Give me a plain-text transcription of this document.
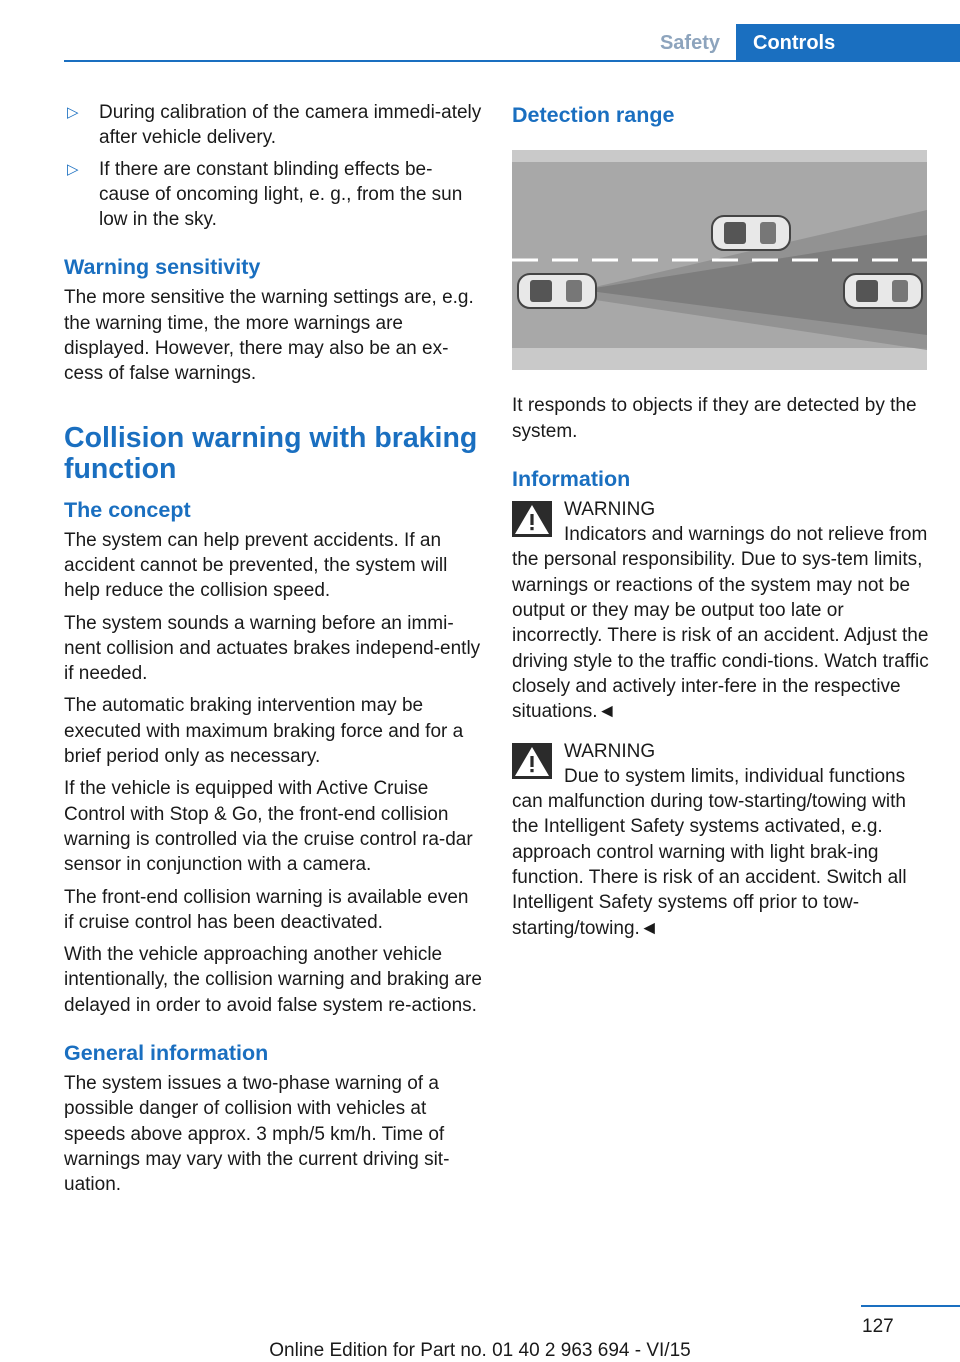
Safety	Controls
▷ During calibration of the camera immedi-ately after vehicle delivery.
▷ If there are constant blinding effects be-cause of oncoming light, e. g., from the sun low in the sky.
Warning sensitivity

The more sensitive the warning settings are, e.g. the warning time, the more warnings are displayed. However, there may also be an ex-cess of false warnings.

Collision warning with braking function
The concept

The system can help prevent accidents. If an accident cannot be prevented, the system will help reduce the collision speed.

The system sounds a warning before an immi-nent collision and actuates brakes independ-ently if needed.

The automatic braking intervention may be executed with maximum braking force and for a brief period only as necessary.

If the vehicle is equipped with Active Cruise Control with Stop & Go, the front-end collision warning is controlled via the cruise control ra-dar sensor in conjunction with a camera.

The front-end collision warning is available even if cruise control has been deactivated.

With the vehicle approaching another vehicle intentionally, the collision warning and braking are delayed in order to avoid false system re-actions.

General information

The system issues a two-phase warning of a possible danger of collision with vehicles at speeds above approx. 3 mph/5 km/h. Time of warnings may vary with the current driving sit-uation.

Detection range

It responds to objects if they are detected by the system.

Information

WARNING

Indicators and warnings do not relieve from the personal responsibility. Due to sys-tem limits, warnings or reactions of the system may not be output or they may be output too late or incorrectly. There is risk of an accident. Adjust the driving style to the traffic condi-tions. Watch traffic closely and actively inter-fere in the respective situations.◄

WARNING

Due to system limits, individual functions can malfunction during tow-starting/towing with the Intelligent Safety systems activated, e.g. approach control warning with light brak-ing function. There is risk of an accident. Switch all Intelligent Safety systems off prior to tow-starting/towing.◄

127
Online Edition for Part no. 01 40 2 963 694 - VI/15
